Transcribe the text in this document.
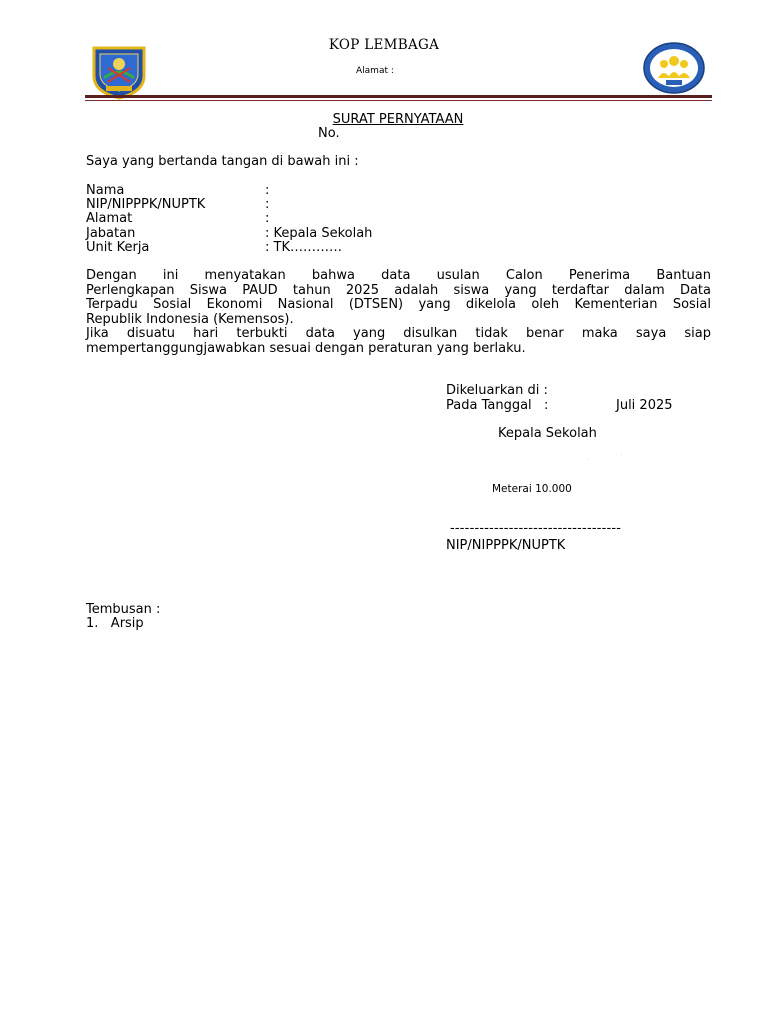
KOP LEMBAGA
Alamat :
SURAT PERNYATAAN
No.
Saya yang bertanda tangan di bawah ini :
Nama	:
NIP/NIPPPK/NUPTK	:
Alamat	:
Jabatan	: Kepala Sekolah
Unit Kerja	: TK…………
Dengan ini menyatakan bahwa data usulan Calon Penerima Bantuan
Perlengkapan Siswa PAUD tahun 2025 adalah siswa yang terdaftar dalam Data
Terpadu Sosial Ekonomi Nasional (DTSEN) yang dikelola oleh Kementerian Sosial
Republik Indonesia (Kemensos).
Jika disuatu hari terbukti data yang disulkan tidak benar maka saya siap
mempertanggungjawabkan sesuai dengan peraturan yang berlaku.
Dikeluarkan di :
Pada Tanggal   :	Juli 2025
Kepala Sekolah
·	·
Meterai 10.000
-----------------------------------
NIP/NIPPPK/NUPTK
Tembusan :
1.   Arsip
